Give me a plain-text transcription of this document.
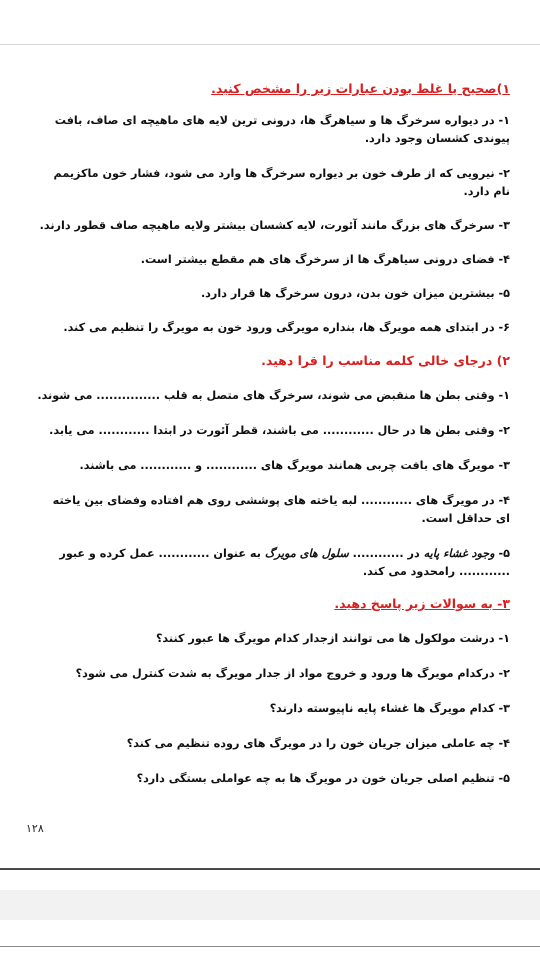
۱)صحیح یا غلط بودن عبارات زیر را مشخص کنید.

۱- در دیواره سرخرگ ها و سیاهرگ ها، درونی ترین لایه های ماهیچه ای صاف، بافت پیوندی کشسان وجود دارد.

۲- نیرویی که از طرف خون بر دیواره سرخرگ ها وارد می شود، فشار خون ماکزیمم نام دارد.

۳- سرخرگ های بزرگ مانند آئورت، لایه کشسان بیشتر ولایه ماهیچه صاف قطور دارند.

۴- فضای درونی سیاهرگ ها از سرخرگ های هم مقطع بیشتر است.

۵- بیشترین میزان خون بدن، درون سرخرگ ها قرار دارد.

۶- در ابتدای همه مویرگ ها، بنداره مویرگی ورود خون به مویرگ را تنظیم می کند.

۲) درجای خالی کلمه مناسب را قرا دهید.

۱- وقتی بطن ها منقبض می شوند، سرخرگ های متصل به قلب ............... می شوند.

۲- وقتی بطن ها در حال ............ می باشند، قطر آئورت در ابتدا ............ می یابد.

۳- مویرگ های بافت چربی همانند مویرگ های ............ و ............ می باشند.

۴- در مویرگ های ............ لبه یاخته های پوششی روی هم افتاده وفضای بین یاخته ای حداقل است.

۵- وجود غشاء پایه در ............ سلول های مویرگ به عنوان ............ عمل کرده و عبور ............ رامحدود می کند.

۳- به سوالات زیر پاسخ دهید.

۱- درشت مولکول ها می توانند ازجدار کدام مویرگ ها عبور کنند؟

۲- درکدام مویرگ ها ورود و خروج مواد از جدار مویرگ به شدت کنترل می شود؟

۳- کدام مویرگ ها غشاء پایه ناپیوسته دارند؟

۴- چه عاملی میزان جریان خون را در مویرگ های روده تنظیم می کند؟

۵- تنظیم اصلی جریان خون در مویرگ ها به چه عواملی بستگی دارد؟

۱۲۸
